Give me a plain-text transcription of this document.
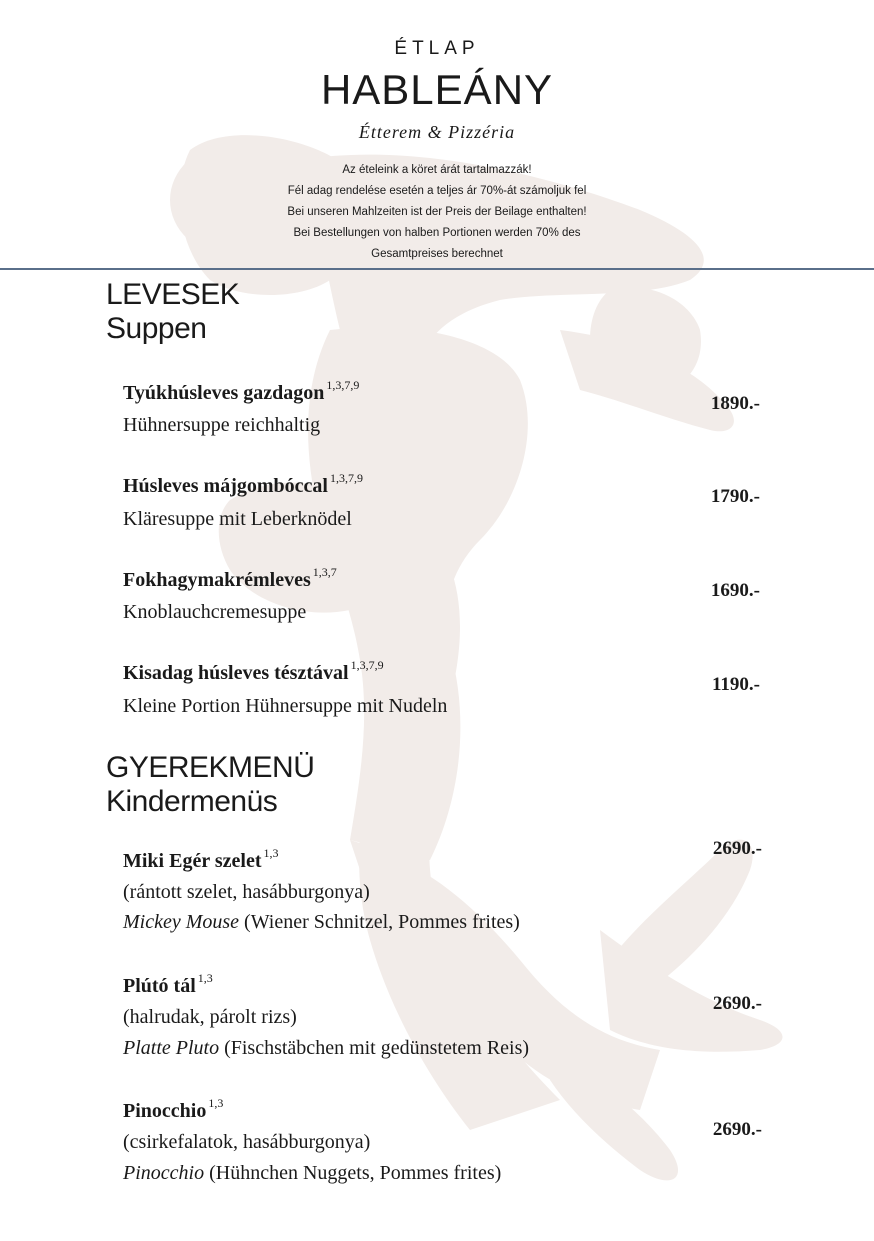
ÉTLAP
HABLEÁNY
Étterem & Pizzéria
Az ételeink a köret árát tartalmazzák!
Fél adag rendelése esetén a teljes ár 70%-át számoljuk fel
Bei unseren Mahlzeiten ist der Preis der Beilage enthalten!
Bei Bestellungen von halben Portionen werden 70% des
Gesamtpreises berechnet
LEVESEK
Suppen
Tyúkhúsleves gazdagon $^{1,3,7,9}$
Hühnersuppe reichhaltig
1890.-
Húsleves májgombóccal $^{1,3,7,9}$
Kläresuppe mit Leberknödel
1790.-
Fokhagymakrémleves $^{1,3,7}$
Knoblauchcremesuppe
1690.-
Kisadag húsleves tésztával $^{1,3,7,9}$
Kleine Portion Hühnersuppe mit Nudeln
1190.-
GYEREKMENÜ
Kindermenüs
Miki Egér szelet $^{1,3}$
(rántott szelet, hasábburgonya)
Mickey Mouse (Wiener Schnitzel, Pommes frites)
2690.-
Plútó tál $^{1,3}$
(halrudak, párolt rizs)
Platte Pluto (Fischstäbchen mit gedünstetem Reis)
2690.-
Pinocchio $^{1,3}$
(csirkefalatok, hasábburgonya)
Pinocchio (Hühnchen Nuggets, Pommes frites)
2690.-
